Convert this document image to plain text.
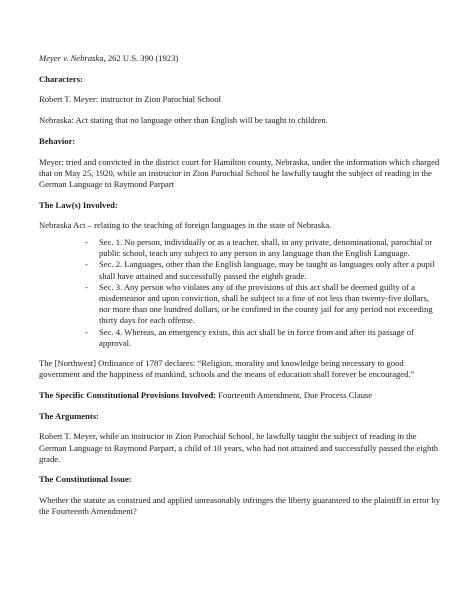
Meyer v. Nebraska, 262 U.S. 390 (1923)

Characters:

Robert T. Meyer: instructor in Zion Parochial School

Nebraska: Act stating that no language other than English will be taught to children.

Behavior:

Meyer: tried and convicted in the district court for Hamilton county, Nebraska, under the information which charged that on May 25, 1920, while an instructor in Zion Parochial School he lawfully taught the subject of reading in the German Language to Raymond Parpart

The Law(s) Involved:

Nebraska Act – relating to the teaching of foreign languages in the state of Nebraska.

- Sec. 1. No person, individually or as a teacher, shall, in any private, denominational, parochial or public school, teach any subject to any person in any language than the English Language.
- Sec. 2. Languages, other than the English language, may be taught as languages only after a pupil shall have attained and successfully passed the eighth grade.
- Sec. 3. Any person who violates any of the provisions of this act shall be deemed guilty of a misdemeanor and upon conviction, shall be subject to a fine of not less than twenty-five dollars, nor more than one hundred dollars, or be confined in the county jail for any period not exceeding thirty days for each offense.
- Sec. 4. Whereas, an emergency exists, this act shall be in force from and after its passage of approval.

The [Northwest] Ordinance of 1787 declares: “Religion, morality and knowledge being necessary to good government and the happiness of mankind, schools and the means of education shall forever be encouraged.”

The Specific Constitutional Provisions Involved: Fourteenth Amendment, Due Process Clause

The Arguments:

Robert T. Meyer, while an instructor in Zion Parochial School, he lawfully taught the subject of reading in the German Language to Raymond Parpart, a child of 10 years, who had not attained and successfully passed the eighth grade.

The Constitutional Issue:

Whether the statute as construed and applied unreasonably infringes the liberty guaranteed to the plaintiff in error by the Fourteenth Amendment?
